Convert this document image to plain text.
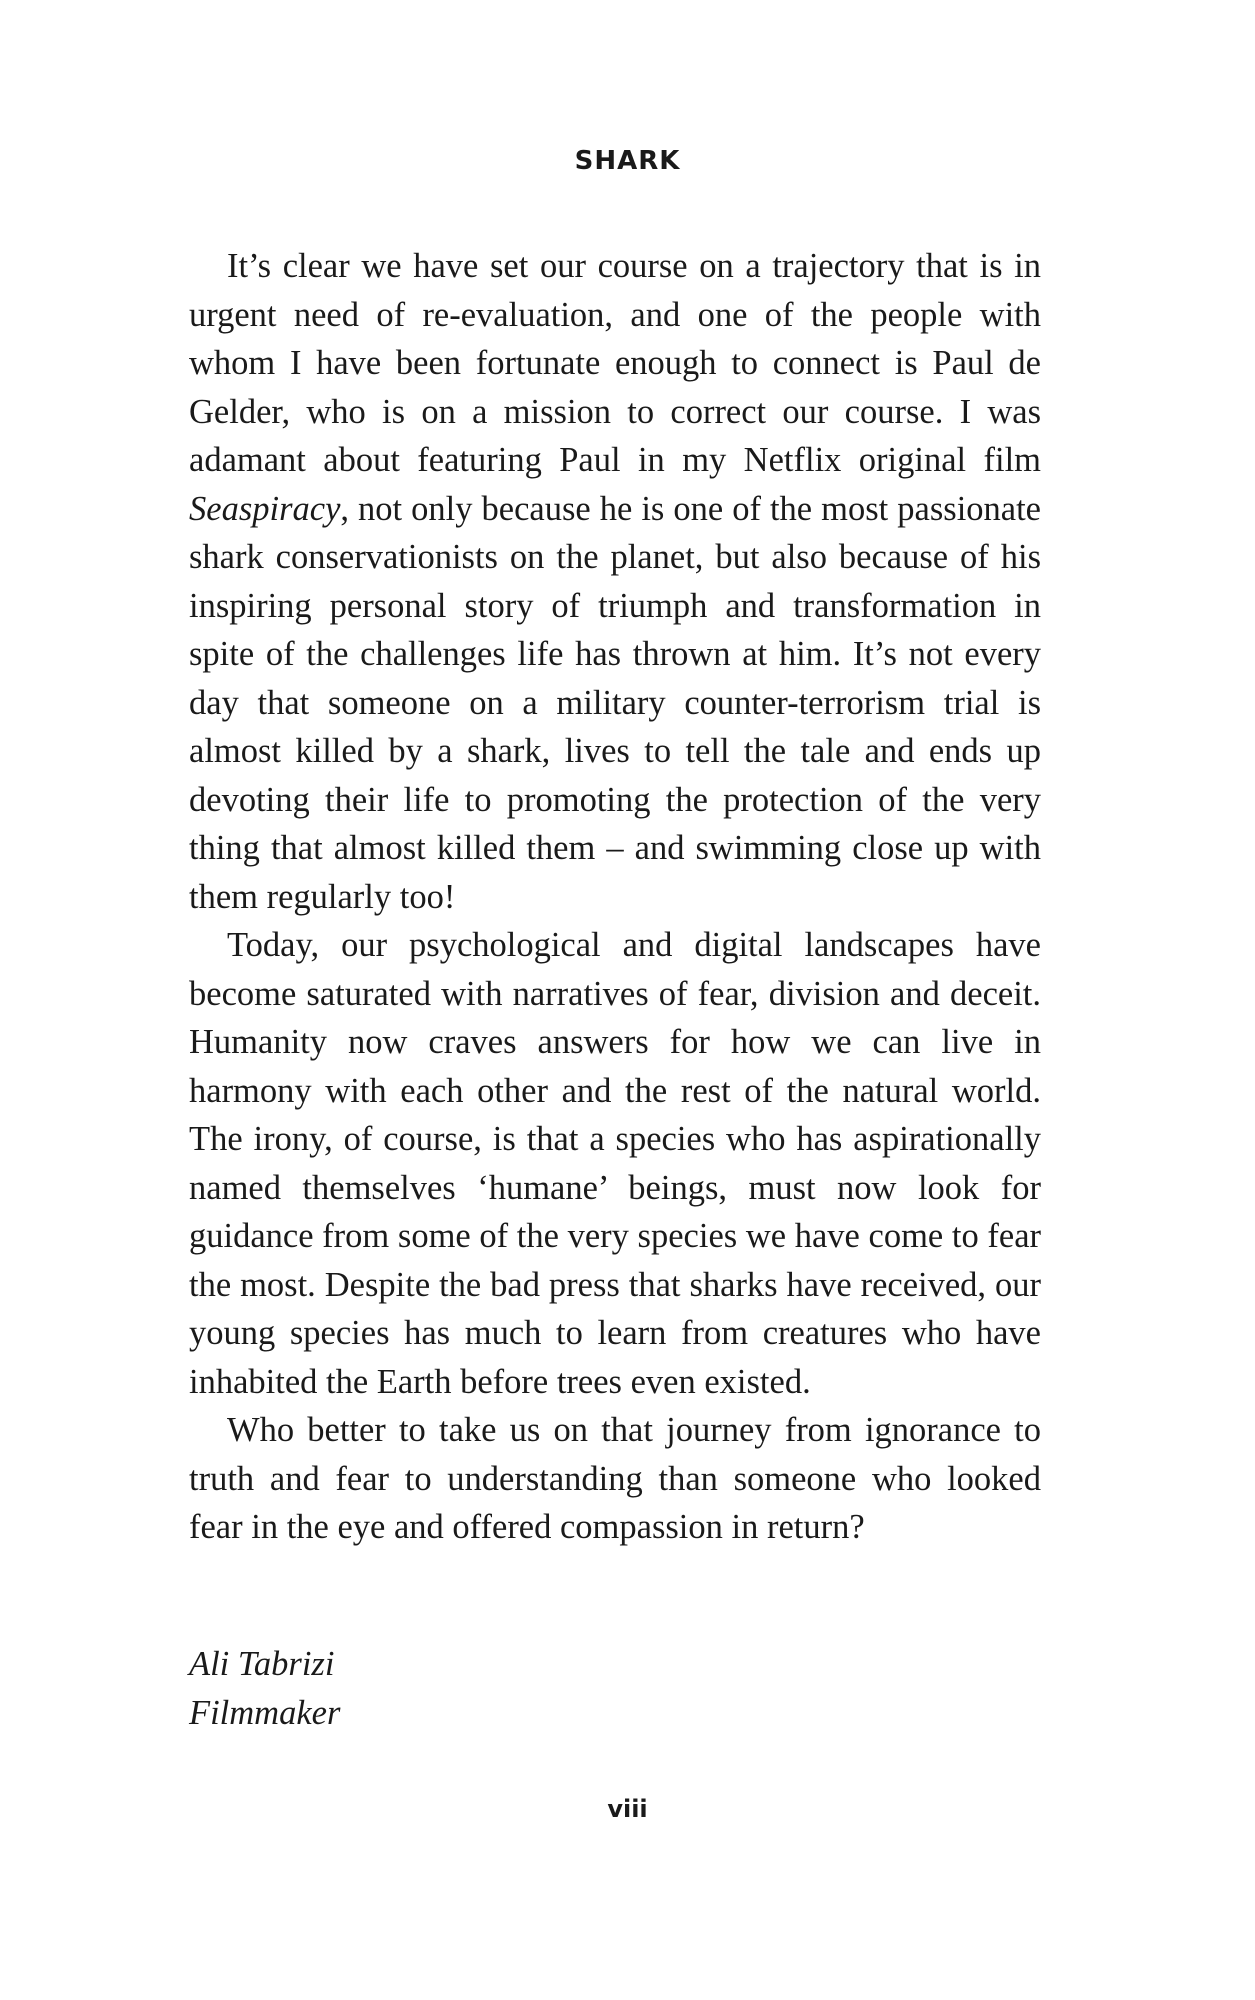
SHARK

It’s clear we have set our course on a trajectory that is in urgent need of re-evaluation, and one of the people with whom I have been fortunate enough to connect is Paul de Gelder, who is on a mission to correct our course. I was adamant about featuring Paul in my Netflix original film Seaspiracy, not only because he is one of the most passionate shark conservationists on the planet, but also because of his inspiring personal story of triumph and transformation in spite of the challenges life has thrown at him. It’s not every day that someone on a military counter-terrorism trial is almost killed by a shark, lives to tell the tale and ends up devoting their life to promoting the protection of the very thing that almost killed them – and swimming close up with them regularly too!

Today, our psychological and digital landscapes have become saturated with narratives of fear, division and deceit. Humanity now craves answers for how we can live in harmony with each other and the rest of the natural world. The irony, of course, is that a species who has aspirationally named themselves ‘humane’ beings, must now look for guidance from some of the very species we have come to fear the most. Despite the bad press that sharks have received, our young species has much to learn from creatures who have inhabited the Earth before trees even existed.

Who better to take us on that journey from ignorance to truth and fear to understanding than someone who looked fear in the eye and offered compassion in return?

Ali Tabrizi
Filmmaker
viii
